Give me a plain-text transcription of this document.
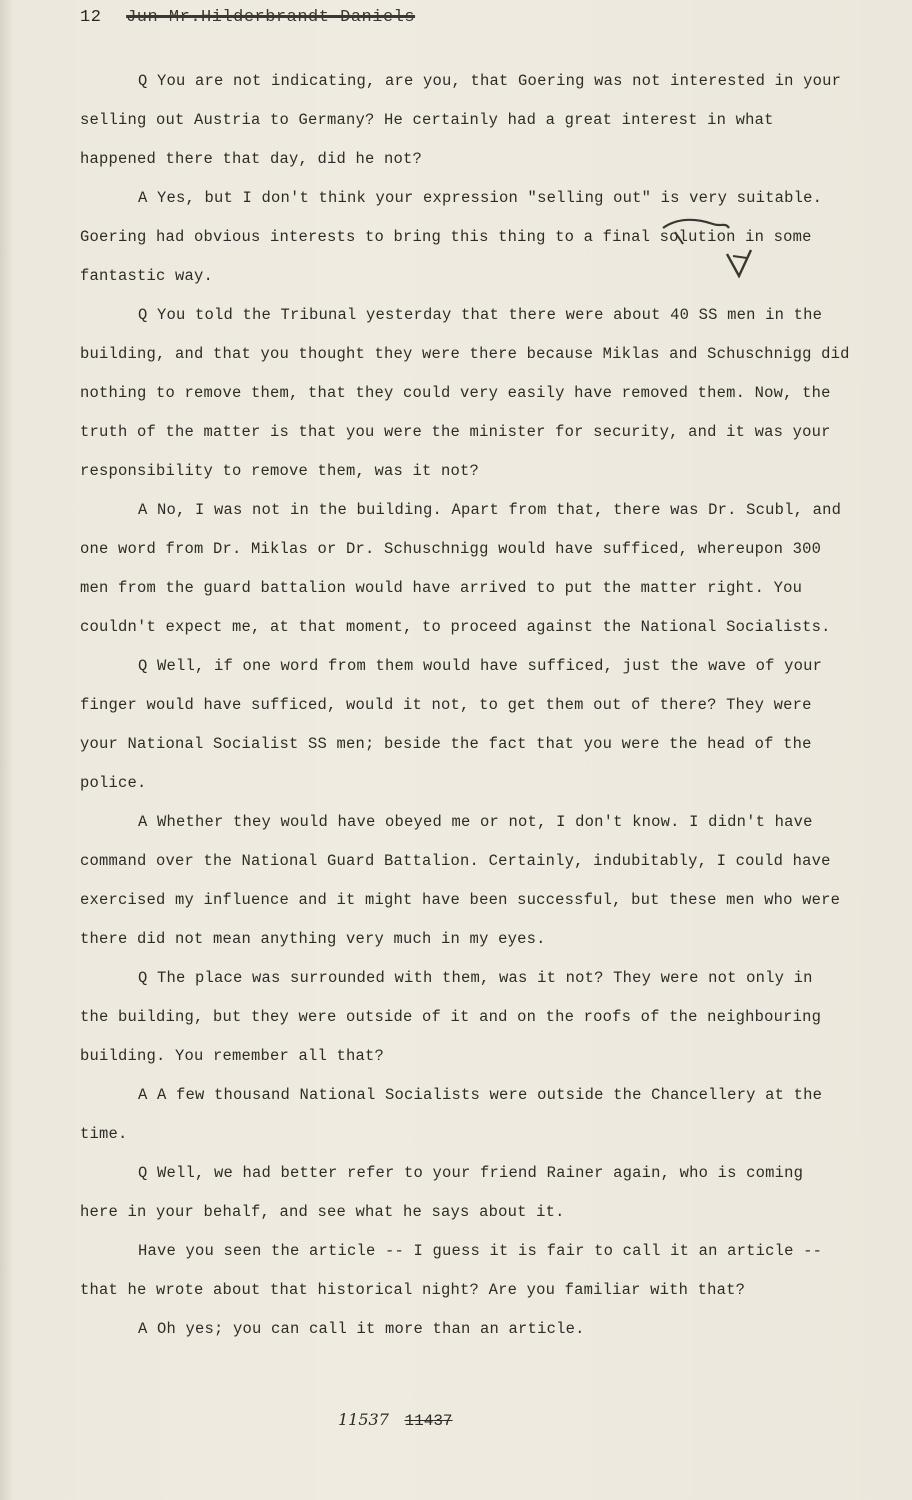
12 Jun-Mr.Hilderbrandt-Daniels

Q You are not indicating, are you, that Goering was not interested in your selling out Austria to Germany? He certainly had a great interest in what happened there that day, did he not?

A Yes, but I don't think your expression "selling out" is very suitable. Goering had obvious interests to bring this thing to a final solution in some fantastic way.

Q You told the Tribunal yesterday that there were about 40 SS men in the building, and that you thought they were there because Miklas and Schuschnigg did nothing to remove them, that they could very easily have removed them. Now, the truth of the matter is that you were the minister for security, and it was your responsibility to remove them, was it not?

A No, I was not in the building. Apart from that, there was Dr. Scubl, and one word from Dr. Miklas or Dr. Schuschnigg would have sufficed, whereupon 300 men from the guard battalion would have arrived to put the matter right. You couldn't expect me, at that moment, to proceed against the National Socialists.

Q Well, if one word from them would have sufficed, just the wave of your finger would have sufficed, would it not, to get them out of there? They were your National Socialist SS men; beside the fact that you were the head of the police.

A Whether they would have obeyed me or not, I don't know. I didn't have command over the National Guard Battalion. Certainly, indubitably, I could have exercised my influence and it might have been successful, but these men who were there did not mean anything very much in my eyes.

Q The place was surrounded with them, was it not? They were not only in the building, but they were outside of it and on the roofs of the neighbouring building. You remember all that?

A A few thousand National Socialists were outside the Chancellery at the time.

Q Well, we had better refer to your friend Rainer again, who is coming here in your behalf, and see what he says about it.

Have you seen the article -- I guess it is fair to call it an article -- that he wrote about that historical night? Are you familiar with that?

A Oh yes; you can call it more than an article.

11537 11437
